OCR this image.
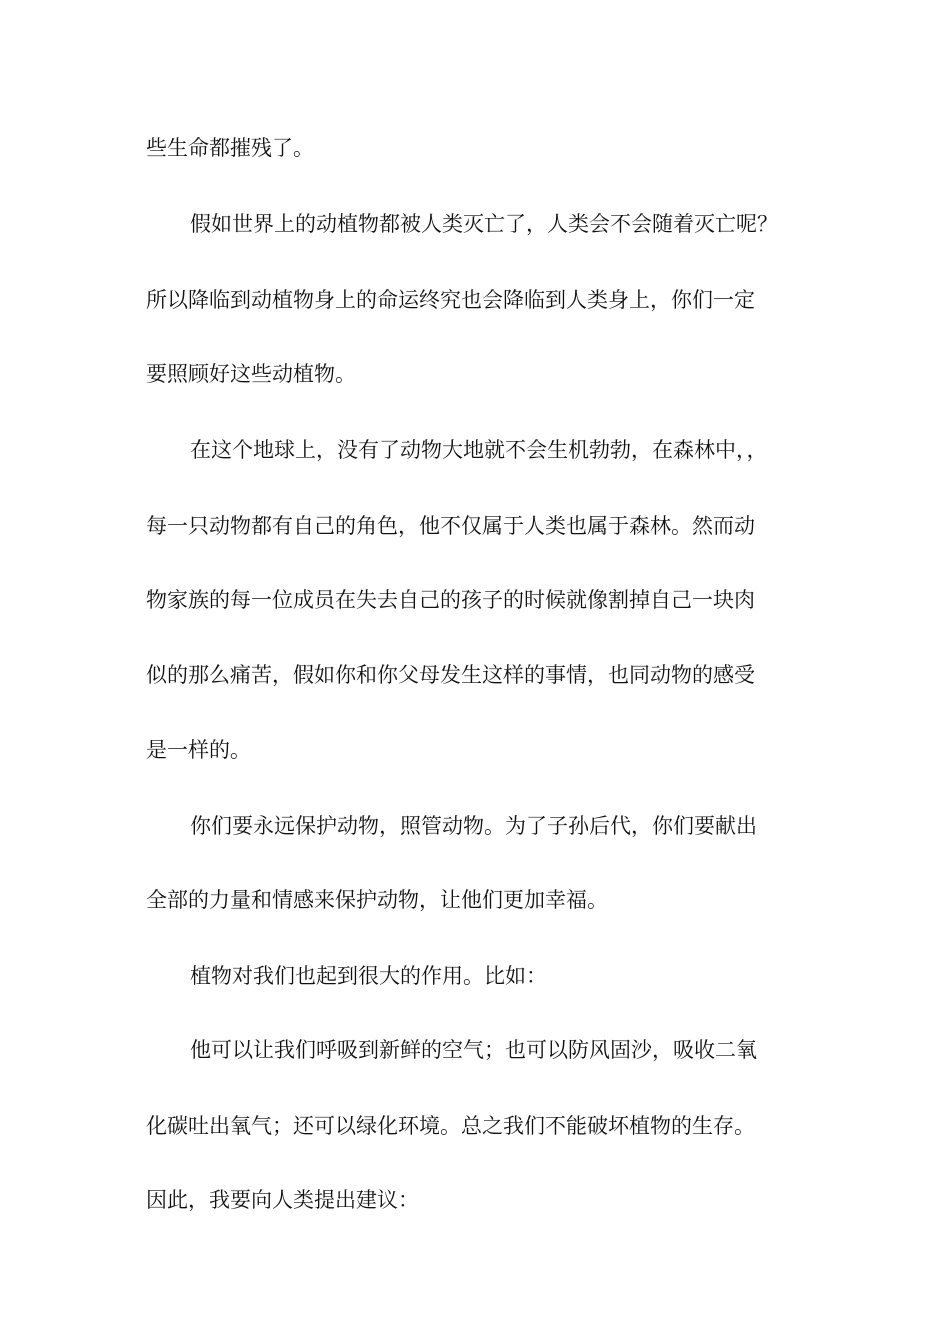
些生命都摧残了。
假如世界上的动植物都被人类灭亡了，人类会不会随着灭亡呢？
所以降临到动植物身上的命运终究也会降临到人类身上，你们一定
要照顾好这些动植物。
在这个地球上，没有了动物大地就不会生机勃勃，在森林中，，
每一只动物都有自己的角色，他不仅属于人类也属于森林。然而动
物家族的每一位成员在失去自己的孩子的时候就像割掉自己一块肉
似的那么痛苦，假如你和你父母发生这样的事情，也同动物的感受
是一样的。
你们要永远保护动物，照管动物。为了子孙后代，你们要献出
全部的力量和情感来保护动物，让他们更加幸福。
植物对我们也起到很大的作用。比如：
他可以让我们呼吸到新鲜的空气；也可以防风固沙，吸收二氧
化碳吐出氧气；还可以绿化环境。总之我们不能破坏植物的生存。
因此，我要向人类提出建议：
